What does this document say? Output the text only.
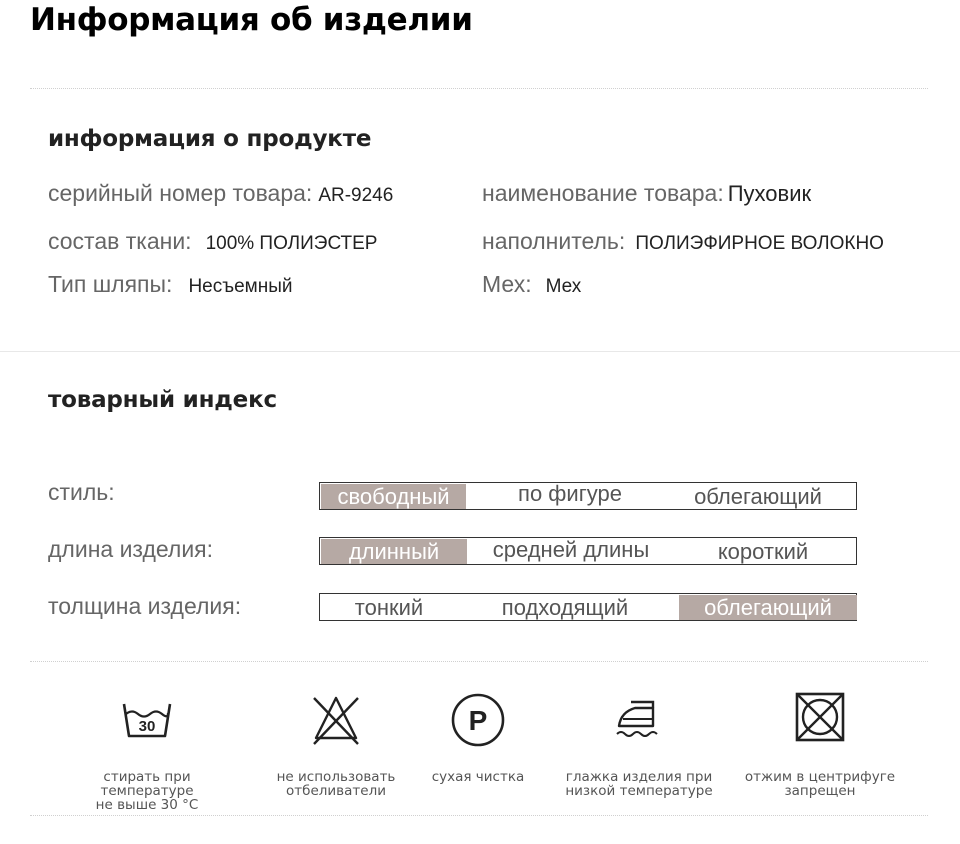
Информация об изделии
информация о продукте
серийный номер товара: AR-9246	наименование товара: Пуховик
состав ткани: 100% ПОЛИЭСТЕР	наполнитель: ПОЛИЭФИРНОЕ ВОЛОКНО
Тип шляпы: Несъемный	Мех: Мех
товарный индекс
стиль:	свободный	по фигуре	облегающий
длина изделия:	длинный	средней длины	короткий
толщина изделия:	тонкий	подходящий	облегающий
30
стирать при температуре
не выше 30 °C
не использовать
отбеливатели
P
сухая чистка	глажка изделия при
низкой температуре
отжим в центрифуге
запрещен
